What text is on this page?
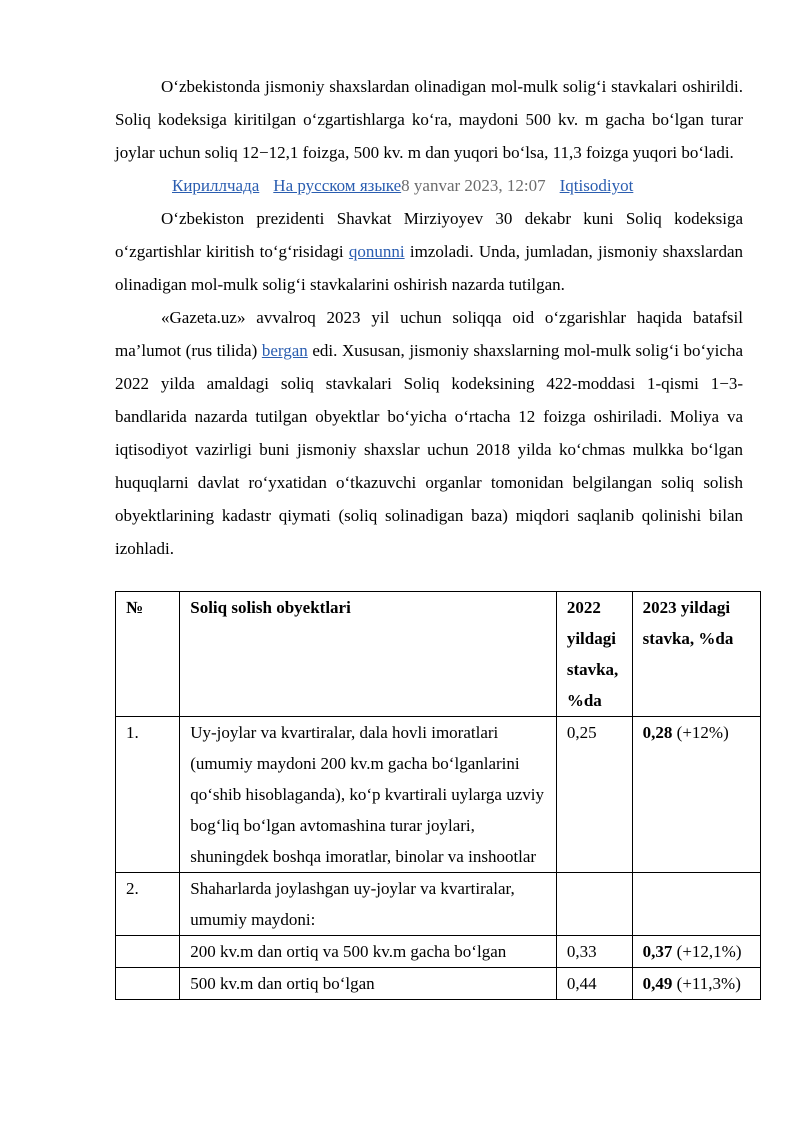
O‘zbekistonda jismoniy shaxslardan olinadigan mol-mulk solig‘i stavkalari oshirildi. Soliq kodeksiga kiritilgan o‘zgartishlarga ko‘ra, maydoni 500 kv. m gacha bo‘lgan turar joylar uchun soliq 12−12,1 foizga, 500 kv. m dan yuqori bo‘lsa, 11,3 foizga yuqori bo‘ladi.

Кириллчада На русском языке8 yanvar 2023, 12:07 Iqtisodiyot

O‘zbekiston prezidenti Shavkat Mirziyoyev 30 dekabr kuni Soliq kodeksiga o‘zgartishlar kiritish to‘g‘risidagi qonunni imzoladi. Unda, jumladan, jismoniy shaxslardan olinadigan mol-mulk solig‘i stavkalarini oshirish nazarda tutilgan.

«Gazeta.uz» avvalroq 2023 yil uchun soliqqa oid o‘zgarishlar haqida batafsil ma’lumot (rus tilida) bergan edi. Xususan, jismoniy shaxslarning mol-mulk solig‘i bo‘yicha 2022 yilda amaldagi soliq stavkalari Soliq kodeksining 422-moddasi 1-qismi 1−3-bandlarida nazarda tutilgan obyektlar bo‘yicha o‘rtacha 12 foizga oshiriladi. Moliya va iqtisodiyot vazirligi buni jismoniy shaxslar uchun 2018 yilda ko‘chmas mulkka bo‘lgan huquqlarni davlat ro‘yxatidan o‘tkazuvchi organlar tomonidan belgilangan soliq solish obyektlarining kadastr qiymati (soliq solinadigan baza) miqdori saqlanib qolinishi bilan izohladi.

№	Soliq solish obyektlari	2022 yildagi stavka, %da	2023 yildagi stavka, %da
1.	Uy-joylar va kvartiralar, dala hovli imoratlari (umumiy maydoni 200 kv.m gacha bo‘lganlarini qo‘shib hisoblaganda), ko‘p kvartirali uylarga uzviy bog‘liq bo‘lgan avtomashina turar joylari, shuningdek boshqa imoratlar, binolar va inshootlar	0,25	0,28 (+12%)
2.	Shaharlarda joylashgan uy-joylar va kvartiralar, umumiy maydoni:		
	200 kv.m dan ortiq va 500 kv.m gacha bo‘lgan	0,33	0,37 (+12,1%)
	500 kv.m dan ortiq bo‘lgan	0,44	0,49 (+11,3%)
